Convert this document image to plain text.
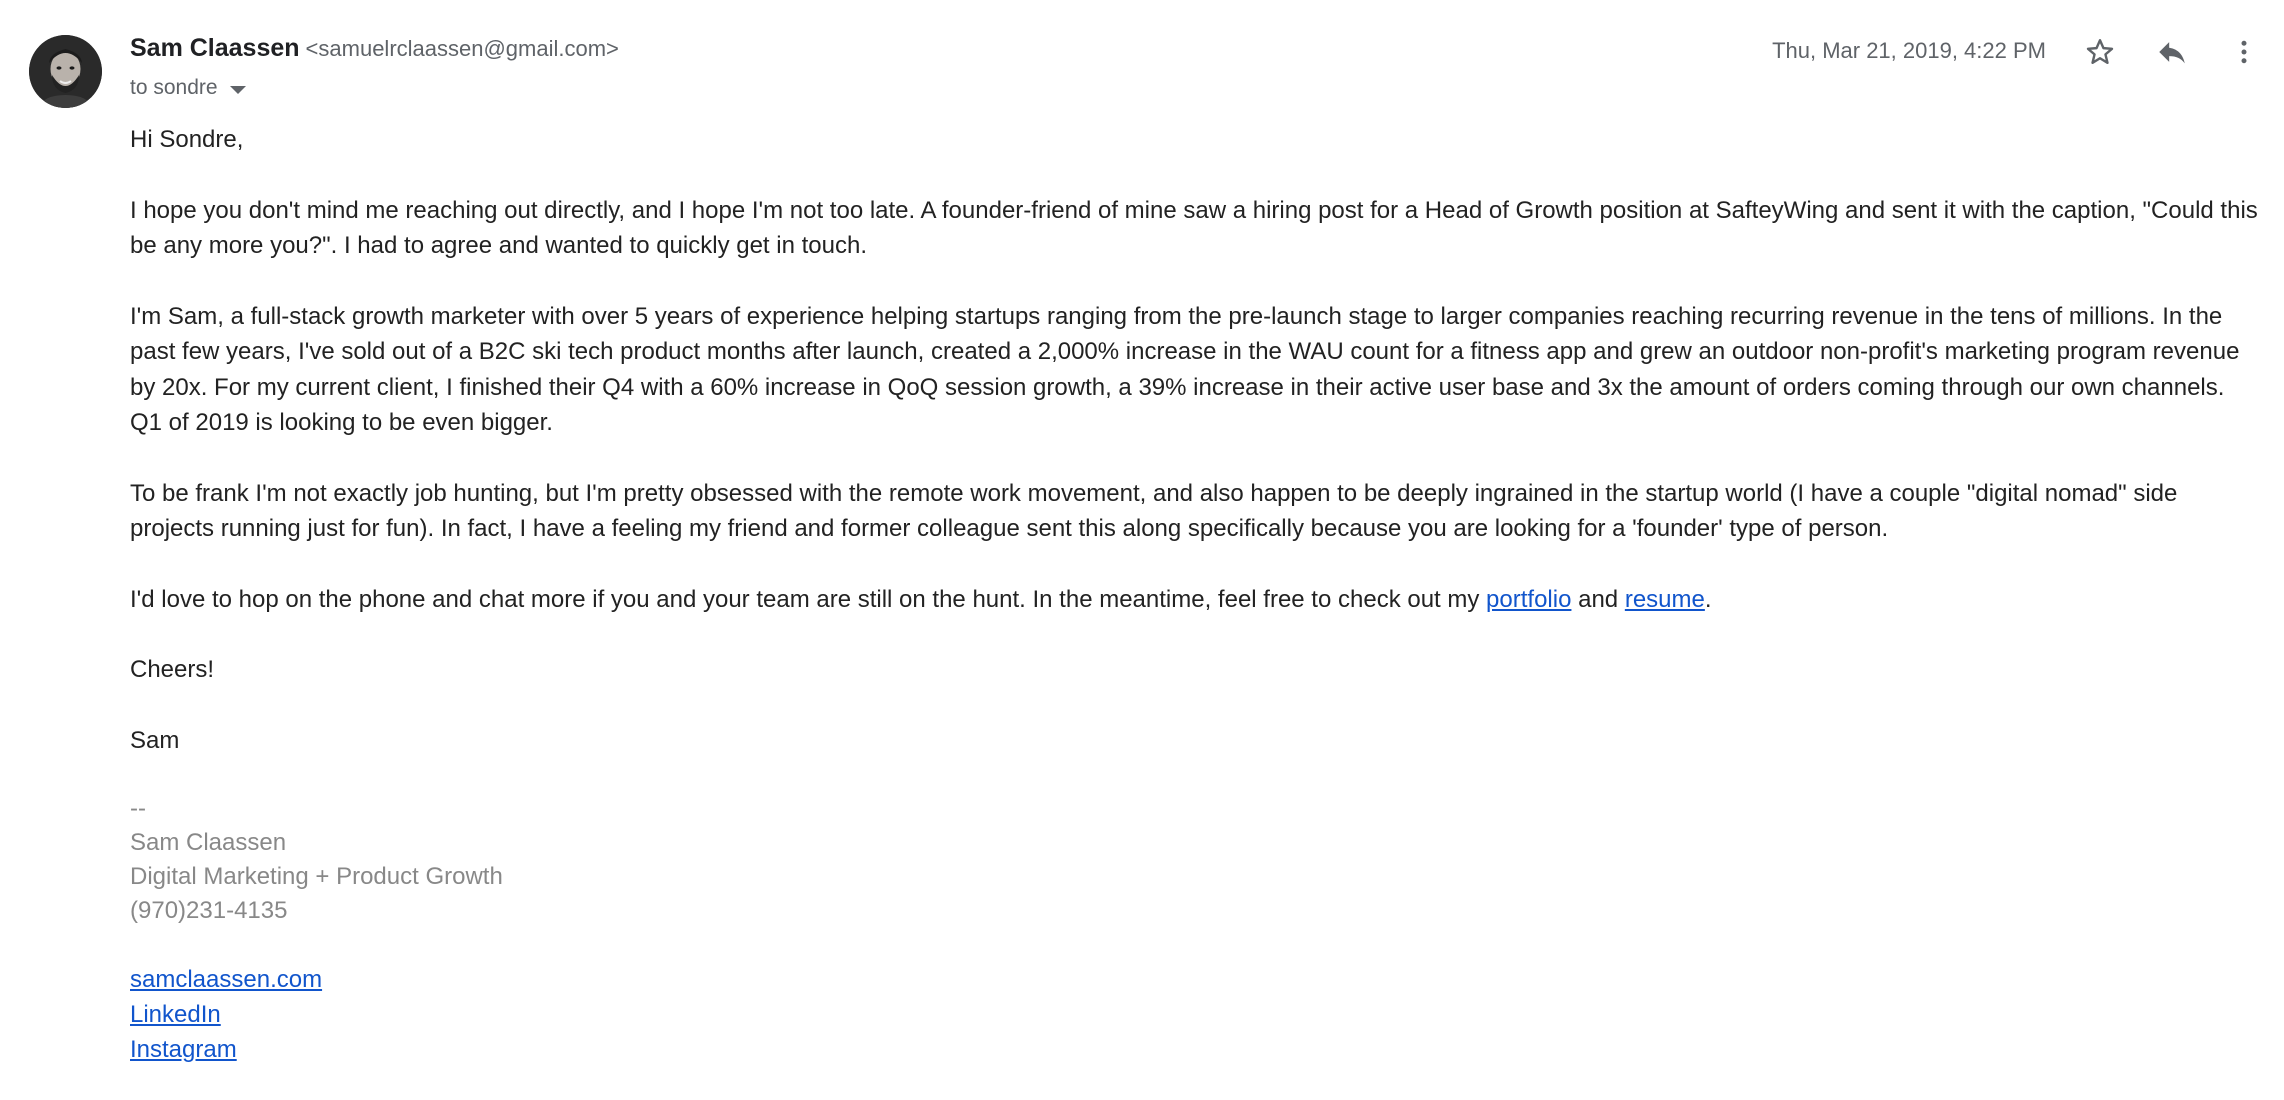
Sam Claassen <samuelrclaassen@gmail.com>
to sondre
Thu, Mar 21, 2019, 4:22 PM

Hi Sondre,

I hope you don't mind me reaching out directly, and I hope I'm not too late. A founder-friend of mine saw a hiring post for a Head of Growth position at SafteyWing and sent it with the caption, "Could this be any more you?". I had to agree and wanted to quickly get in touch.

I'm Sam, a full-stack growth marketer with over 5 years of experience helping startups ranging from the pre-launch stage to larger companies reaching recurring revenue in the tens of millions. In the past few years, I've sold out of a B2C ski tech product months after launch, created a 2,000% increase in the WAU count for a fitness app and grew an outdoor non-profit's marketing program revenue by 20x. For my current client, I finished their Q4 with a 60% increase in QoQ session growth, a 39% increase in their active user base and 3x the amount of orders coming through our own channels. Q1 of 2019 is looking to be even bigger.

To be frank I'm not exactly job hunting, but I'm pretty obsessed with the remote work movement, and also happen to be deeply ingrained in the startup world (I have a couple "digital nomad" side projects running just for fun). In fact, I have a feeling my friend and former colleague sent this along specifically because you are looking for a 'founder' type of person.

I'd love to hop on the phone and chat more if you and your team are still on the hunt. In the meantime, feel free to check out my portfolio and resume.

Cheers!

Sam

--
Sam Claassen
Digital Marketing + Product Growth
(970)231-4135
samclaassen.com
LinkedIn
Instagram
